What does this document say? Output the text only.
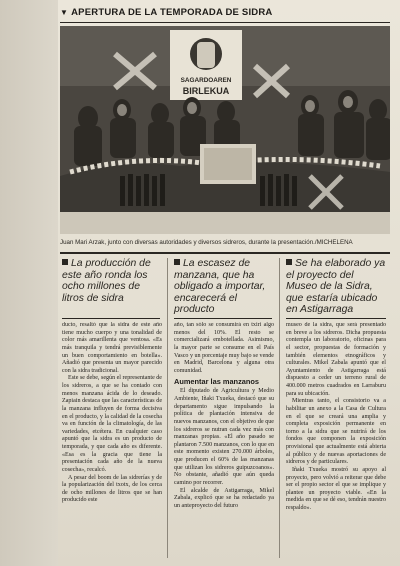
▼ APERTURA DE LA TEMPORADA DE SIDRA
SAGARDOAREN
BIRLEKUA
Juan Mari Arzak, junto con diversas autoridades y diversos sidreros, durante la presentación./MICHELENA
La producción de este año ronda los ocho millones de litros de sidra
La escasez de manzana, que ha obligado a importar, encarecerá el producto
Se ha elaborado ya el proyecto del Museo de la Sidra, que estaría ubicado en Astigarraga

ducto, resaltó que la sidra de este año tiene mucho cuerpo y una tonalidad de color más amarillenta que ventosa. «Es más tranquila y tendrá previsiblemente un buen comportamiento en botella». Añadió que presenta un mayor parecido con la sidra tradicional.

Este se debe, según el representante de los sidreros, a que se ha contado con menos manzana ácida de lo deseado. Zapiain destaca que las características de la manzana influyen de forma decisiva en el producto, y la calidad de la cosecha va en función de la climatología, de las variedades, etcétera. En cualquier caso apuntó que la sidra es un producto de temporada, y que cada año es diferente. «Esa es la gracia que tiene la presentación cada año de la nueva cosecha», recalcó.

A pesar del boom de las sidrerías y de la popularización del txotx, de los cerca de ocho millones de litros que se han producido este

año, tan sólo se consumirá en txiri algo menos del 10%. El resto se comercializará embotellada. Asimismo, la mayor parte se consume en el País Vasco y un porcentaje muy bajo se vende en Madrid, Barcelona y alguna otra comunidad.

Aumentar las manzanos

El diputado de Agricultura y Medio Ambiente, Iñaki Txueka, destacó que su departamento sigue impulsando la política de plantación intensiva de nuevos manzanos, con el objetivo de que los sidreros se nutran cada vez más con manzanas propias. «El año pasado se plantaron 7.500 manzanos, con lo que en este momento existen 270.000 árboles, que producen el 60% de las manzanas que utilizan los sidreros guipuzcoanos». No obstante, añadió que aún queda camino por recorrer.

El alcalde de Astigarraga, Mikel Zabala, explicó que se ha redactado ya un anteproyecto del futuro

museo de la sidra, que será presentado en breve a los sidreros. Dicha propuesta contempla un laboratorio, oficinas para el sector, propuestas de formación y también elementos etnográficos y culturales. Mikel Zabala apuntó que el Ayuntamiento de Astigarraga está dispuesto a ceder un terreno rural de 400.000 metros cuadrados en Larraburu para su ubicación.

Mientras tanto, el consistorio va a habilitar un anexo a la Casa de Cultura en el que se creará una amplia y completa exposición permanente en torno a la sidra que se nutrirá de los fondos que componen la exposición provisional que actualmente está abierta al público y de nuevas aportaciones de sidreros y de particulares.

Iñaki Txueka mostró su apoyo al proyecto, pero volvió a reiterar que debe ser el propio sector el que se implique y plantee un proyecto viable. «En la medida en que se dé eso, tendrán nuestro respaldo».
